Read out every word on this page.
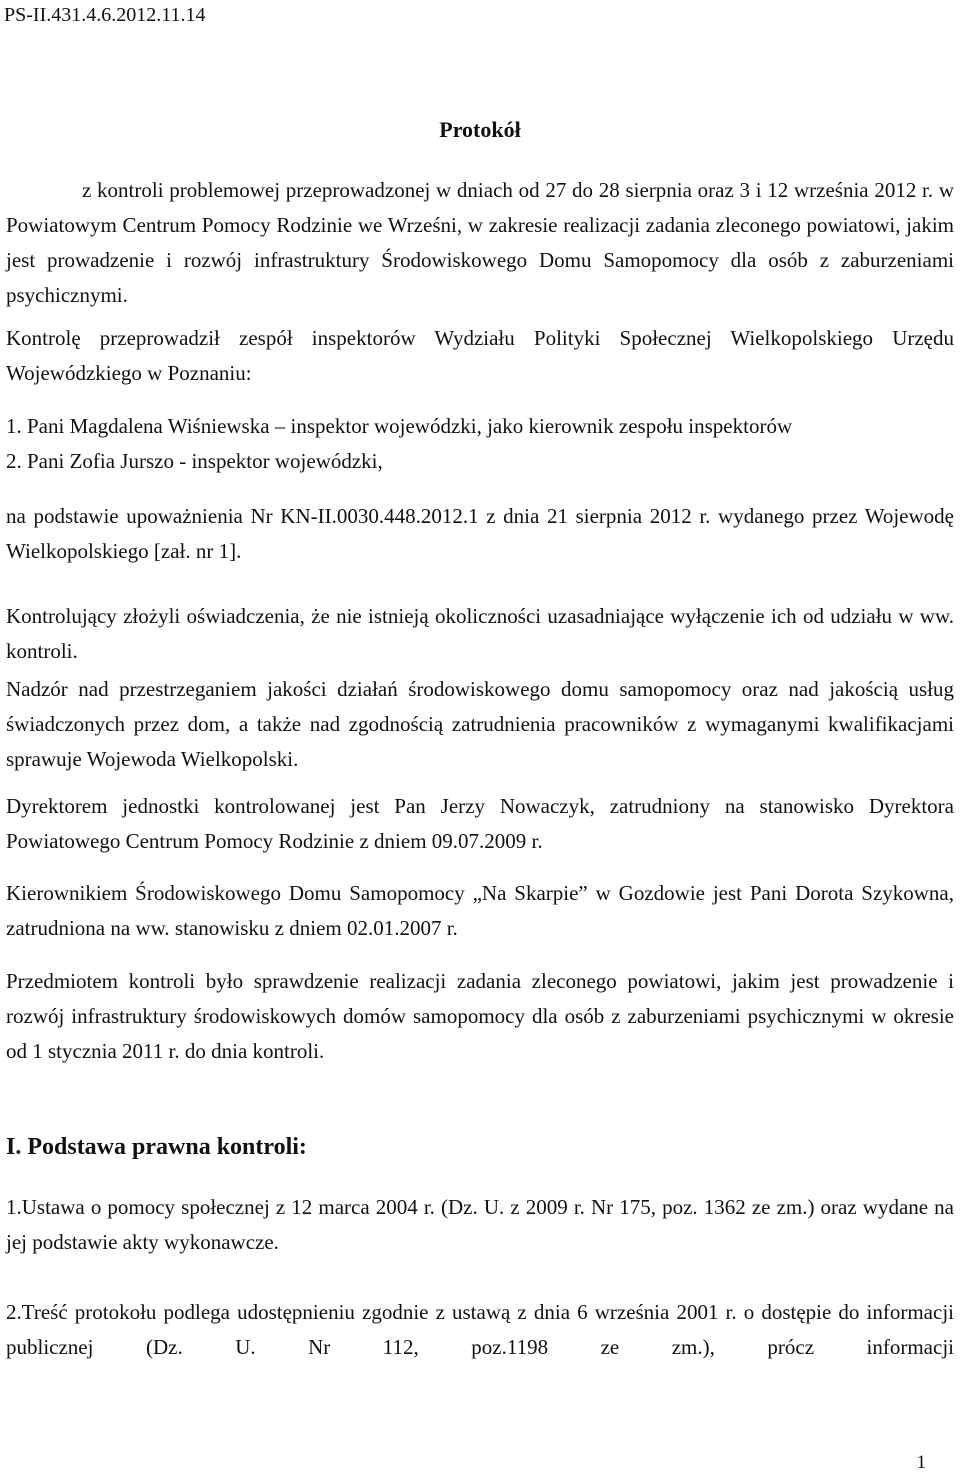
PS-II.431.4.6.2012.11.14
Protokół

z kontroli problemowej przeprowadzonej w dniach od 27 do 28 sierpnia oraz 3 i 12 września 2012 r. w Powiatowym Centrum Pomocy Rodzinie we Wrześni, w zakresie realizacji zadania zleconego powiatowi, jakim jest prowadzenie i rozwój infrastruktury Środowiskowego Domu Samopomocy dla osób z zaburzeniami psychicznymi.

Kontrolę przeprowadził zespół inspektorów Wydziału Polityki Społecznej Wielkopolskiego Urzędu Wojewódzkiego w Poznaniu:

1. Pani Magdalena Wiśniewska – inspektor wojewódzki, jako kierownik zespołu inspektorów

2. Pani Zofia Jurszo - inspektor wojewódzki,

na podstawie upoważnienia Nr KN-II.0030.448.2012.1 z dnia 21 sierpnia 2012 r. wydanego przez Wojewodę Wielkopolskiego [zał. nr 1].

Kontrolujący złożyli oświadczenia, że nie istnieją okoliczności uzasadniające wyłączenie ich od udziału w ww. kontroli.

Nadzór nad przestrzeganiem jakości działań środowiskowego domu samopomocy oraz nad jakością usług świadczonych przez dom, a także nad zgodnością zatrudnienia pracowników z wymaganymi kwalifikacjami sprawuje Wojewoda Wielkopolski.

Dyrektorem jednostki kontrolowanej jest Pan Jerzy Nowaczyk, zatrudniony na stanowisko Dyrektora Powiatowego Centrum Pomocy Rodzinie z dniem 09.07.2009 r.

Kierownikiem Środowiskowego Domu Samopomocy „Na Skarpie” w Gozdowie jest Pani Dorota Szykowna, zatrudniona na ww. stanowisku z dniem 02.01.2007 r.

Przedmiotem kontroli było sprawdzenie realizacji zadania zleconego powiatowi, jakim jest prowadzenie i rozwój infrastruktury środowiskowych domów samopomocy dla osób z zaburzeniami psychicznymi w okresie od 1 stycznia 2011 r. do dnia kontroli.

I. Podstawa prawna kontroli:

1.Ustawa o pomocy społecznej z 12 marca 2004 r. (Dz. U. z 2009 r. Nr 175, poz. 1362 ze zm.) oraz wydane na jej podstawie akty wykonawcze.

2.Treść protokołu podlega udostępnieniu zgodnie z ustawą z dnia 6 września 2001 r. o dostępie do informacji publicznej (Dz. U. Nr 112, poz.1198 ze zm.), prócz informacji

1
